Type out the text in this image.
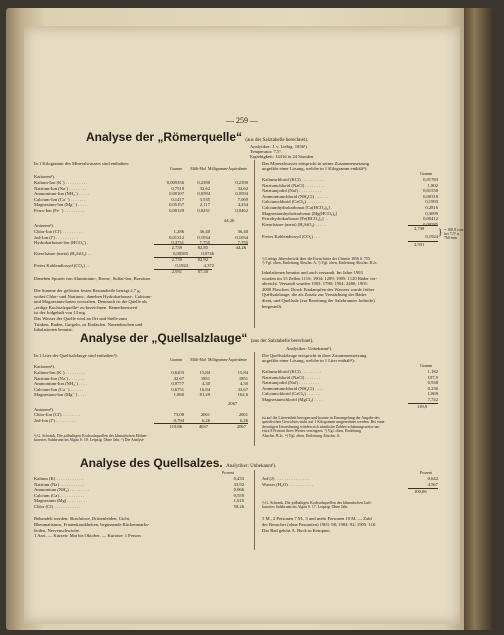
— 259 —
Analyse der „Römerquelle“ (aus der Salztabelle berechnet).
Analytiker: J. v. Liebig. 1856¹).
Temperatur: 7,5°.
Ergiebigkeit: 144 hl in 24 Stunden.
In 1 Kilogramm des Mineralwassers sind enthalten:	Das Mineralwasser entspricht in seiner Zusammensetzung
ungefähr einer Lösung, welche in 1 Kilogramm enthält³):
Gramm	Milli-Mol Milligramm-Äquivalente
Kationen²).
Kalium-Ion (K˙) . . . . . . . . . .	0,009356	0,2390	0,2390
Natrium-Ion (Na˙) . . . . . . . .	0,7518	32,62	32,62
Ammonium-Ion (NH₄˙) . . . . .	0,00107	0,0594	0,0594
Calcium-Ion (Ca˙˙) . . . . . . .	0,1417	3,535	7,069
Magnesium-Ion (Mg˙˙) . . . . .	0,05157	2,117	4,234
Ferro-Ion (Fe˙˙) . . . . . . . . .	0,00129	0,0231	0,0462
44,26
Anionen²).
Chlor-Ion (Cl') . . . . . . . . .	1,286	36,40	36,40
Jod-Ion (J') . . . . . . . . . .	0,01312	0,1034	0,1034
Hydrokarbonat-Ion (HCO₃') .	0,4731	7,755	7,755
2,739	82,85	44,26
Kieselsäure (meta) (H₂SiO₃) . .	0,00585	0,0746
2,739	82,92
Freies Kohlendioxyd (CO₂) . .	0,1924	4,372
2,931	87,30
Daneben Spuren von Aluminium-, Brom-, Sulfat-Ion, Borsäure.
Die Summe der gelösten festen Bestandteile beträgt 2,7 g,
wobei Chlor- und Natrium-, daneben Hydrokarbonat-, Calcium-
und Magnesium-Ionen vorwalten. Demnach ist die Quelle als
„erdige Kochsalzquelle“ zu bezeichnen. Bemerkenswert
ist der Jodgehalt von 13 mg.
Das Wasser der Quelle wird an Ort und Stelle zum
Trinken, Baden, Gurgeln, zu Einläufen, Nasenduschen und
Inhalationen benutzt.
Gramm
Kaliumchlorid (KCl) . . . . . . . . . .	0,01783
Natriumchlorid (NaCl) . . . . . . . . .	1,802
Natriumjodid (NaJ) . . . . . . . . . .	0,01550
Ammoniumchlorid (NH₄Cl) . . . . . .	0,00318
Calciumchlorid (CaCl₂) . . . . . . . .	0,1993
Calciumhydrokarbonat [Ca(HCO₃)₂] .	0,2816
Magnesiumhydrokarbonat [Mg(HCO₃)₂]	0,3099
Ferrohydrokarbonat [Fe(HCO₃)₂] . .	0,00412
Kieselsäure (meta) (H₂SiO₃) . . . . .	0,00585
2,739
Freies Kohlendioxyd (CO₂) . . .	0,1924 } = 100,9 ccm
bei 7,5° u.
760 mm
2,931
¹) Liebigs Jahresbericht über die Fortschritte der Chemie 1856 S. 755.
²) Vgl. oben, Einleitung Abschn. A. ³) Vgl. oben, Einleitung Abschn. B.2c.
Inhalationen benutzt und auch versandt. Im Jahre 1903
wurden im 15 Zellen 1116; 1904: 1289; 1905: 1120 Bäder ver-
abreicht. Versandt wurden 1903: 1780; 1904: 2480; 1905:
2000 Flaschen. Durch Eindampfen des Wassers wurde früher
Quellsalzlauge, die als Zusatz zur Verstärkung der Bäder
dient, und Quellsalz (zur Bereitung der Salzbrunner Jodseife)
hergestellt.
Analyse der „Quellsalzlauge“ (aus der Salztabelle berechnet).
Analytiker: Unbekannt¹).
In 1 Liter der Quellsalzlauge sind enthalten¹):	Die Quellsalzlauge entspricht in ihrer Zusammensetzung
ungefähr einer Lösung, welche in 1 Liter enthält³):
Gramm	Milli-Mol Milligramm-Äquivalente
Kationen²).
Kalium-Ion (K˙) . . . . . . . . .	0,6203	15,84	15,84
Natrium-Ion (Na˙) . . . . . . .	42,67	1851	1851
Ammonium-Ion (NH₄˙) . . . .	0,0777	4,30	4,30
Calcium-Ion (Ca˙˙) . . . . . .	0,6751	16,84	33,67
Magnesium-Ion (Mg˙˙) . . . .	1,860	81,29	162,6
2067
Anionen²).
Chlor-Ion (Cl') . . . . . . . .	73,08	2061	2061
Jod-Ion (J') . . . . . . . . .	0,794	6,26	6,26
119,86	4037	2067
¹) G. Schrank, Die jodhaltigen Kochsalzquellen des klimatischen Höhen-
kurortes Salzbrunn im Algäu S. 18. Leipzig. Ohne Jahr. ²) Die Analyse
Gramm
Kaliumchlorid (KCl) . . . . . . . . .	1,182
Natriumchlorid (NaCl) . . . . . . .	107,9
Natriumjodid (NaJ) . . . . . . . . .	0,938
Ammoniumchlorid (NH₄Cl) . . . .	0,230
Calciumchlorid (CaCl₂) . . . . . .	1,869
Magnesiumchlorid (MgCl₂) . . . .	7,742
119,9
ist auf die Litereinheit bezogen und konnte in Ermangelung der Angabe des
spezifischen Gewichtes nicht auf 1 Kilogramm umgerechnet werden. Bei einer
derartigen Umrechnung würden sich sämtliche Zahlen schätzungsweise um
etwa 8 Prozent ihres Wertes verringern. ³) Vgl. oben, Einleitung
Abschn. B.2c. ⁴) Vgl. oben, Einleitung Abschn. A.
Analyse des Quellsalzes. Analytiker: Unbekannt¹).
Prozent	Prozent
Kalium (K) . . . . . . . . . . . .	0,433
Natrium (Na) . . . . . . . . . . .	33,92
Ammonium (NH₄) . . . . . . . . .	0,066
Calcium (Ca) . . . . . . . . . . .	0,559
Magnesium (Mg) . . . . . . . . .	1,610
Chlor (Cl) . . . . . . . . . . . .	58,26
Jod (J) . . . . . . . . . . . . . . .	0,642
Wasser (H₂O) . . . . . . . . . . .	4,567
100,06
¹) G. Schrank, Die jodhaltigen Kochsalzquellen des klimatischen Luft-
kurortes Salzbrunn im Algäu S. 17. Leipzig. Ohne Jahr.
Behandelt werden: Skrofulose, Drüsenleiden, Gicht,
Rheumatismus, Frauenkrankheiten, beginnende Rückenmarks-
leiden, Nervenschwäche.
1 Arzt. — Kurzeit: Mai bis Oktober. — Kurtaxe: 1 Person
5 M., 2 Personen 7 M., 3 und mehr Personen 10 M. — Zahl
der Besucher (ohne Passanten) 1903: 98; 1904: 92; 1905: 110.
Das Bad gehört A. Buck in Kempten.
